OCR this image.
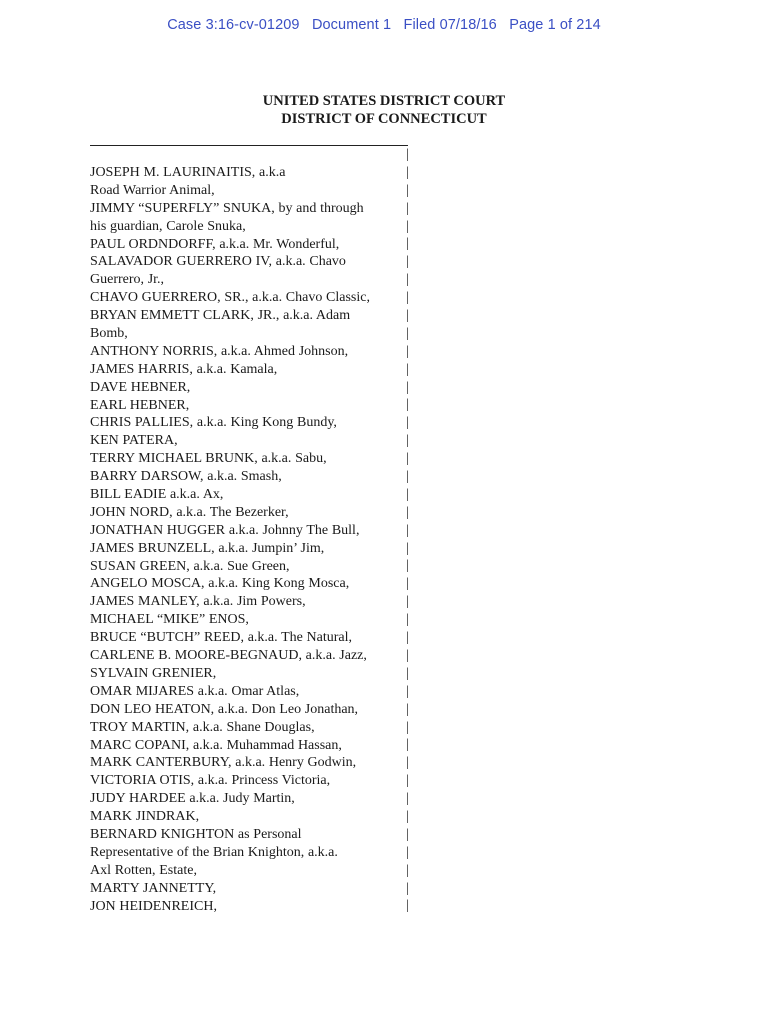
Case 3:16-cv-01209   Document 1   Filed 07/18/16   Page 1 of 214
UNITED STATES DISTRICT COURT
DISTRICT OF CONNECTICUT
JOSEPH M. LAURINAITIS, a.k.a
Road Warrior Animal,
JIMMY “SUPERFLY” SNUKA, by and through
his guardian, Carole Snuka,
PAUL ORDNDORFF, a.k.a. Mr. Wonderful,
SALAVADOR GUERRERO IV, a.k.a. Chavo
Guerrero, Jr.,
CHAVO GUERRERO, SR., a.k.a. Chavo Classic,
BRYAN EMMETT CLARK, JR., a.k.a. Adam
Bomb,
ANTHONY NORRIS, a.k.a. Ahmed Johnson,
JAMES HARRIS, a.k.a. Kamala,
DAVE HEBNER,
EARL HEBNER,
CHRIS PALLIES, a.k.a. King Kong Bundy,
KEN PATERA,
TERRY MICHAEL BRUNK, a.k.a. Sabu,
BARRY DARSOW, a.k.a. Smash,
BILL EADIE a.k.a. Ax,
JOHN NORD, a.k.a. The Bezerker,
JONATHAN HUGGER a.k.a. Johnny The Bull,
JAMES BRUNZELL, a.k.a. Jumpin’ Jim,
SUSAN GREEN, a.k.a. Sue Green,
ANGELO MOSCA, a.k.a. King Kong Mosca,
JAMES MANLEY, a.k.a. Jim Powers,
MICHAEL “MIKE” ENOS,
BRUCE “BUTCH” REED, a.k.a. The Natural,
CARLENE B. MOORE-BEGNAUD, a.k.a. Jazz,
SYLVAIN GRENIER,
OMAR MIJARES a.k.a. Omar Atlas,
DON LEO HEATON, a.k.a. Don Leo Jonathan,
TROY MARTIN, a.k.a. Shane Douglas,
MARC COPANI, a.k.a. Muhammad Hassan,
MARK CANTERBURY, a.k.a. Henry Godwin,
VICTORIA OTIS, a.k.a. Princess Victoria,
JUDY HARDEE a.k.a. Judy Martin,
MARK JINDRAK,
BERNARD KNIGHTON as Personal
Representative of the Brian Knighton, a.k.a.
Axl Rotten, Estate,
MARTY JANNETTY,
JON HEIDENREICH,
|
|
|
|
|
|
|
|
|
|
|
|
|
|
|
|
|
|
|
|
|
|
|
|
|
|
|
|
|
|
|
|
|
|
|
|
|
|
|
|
|
|
|
